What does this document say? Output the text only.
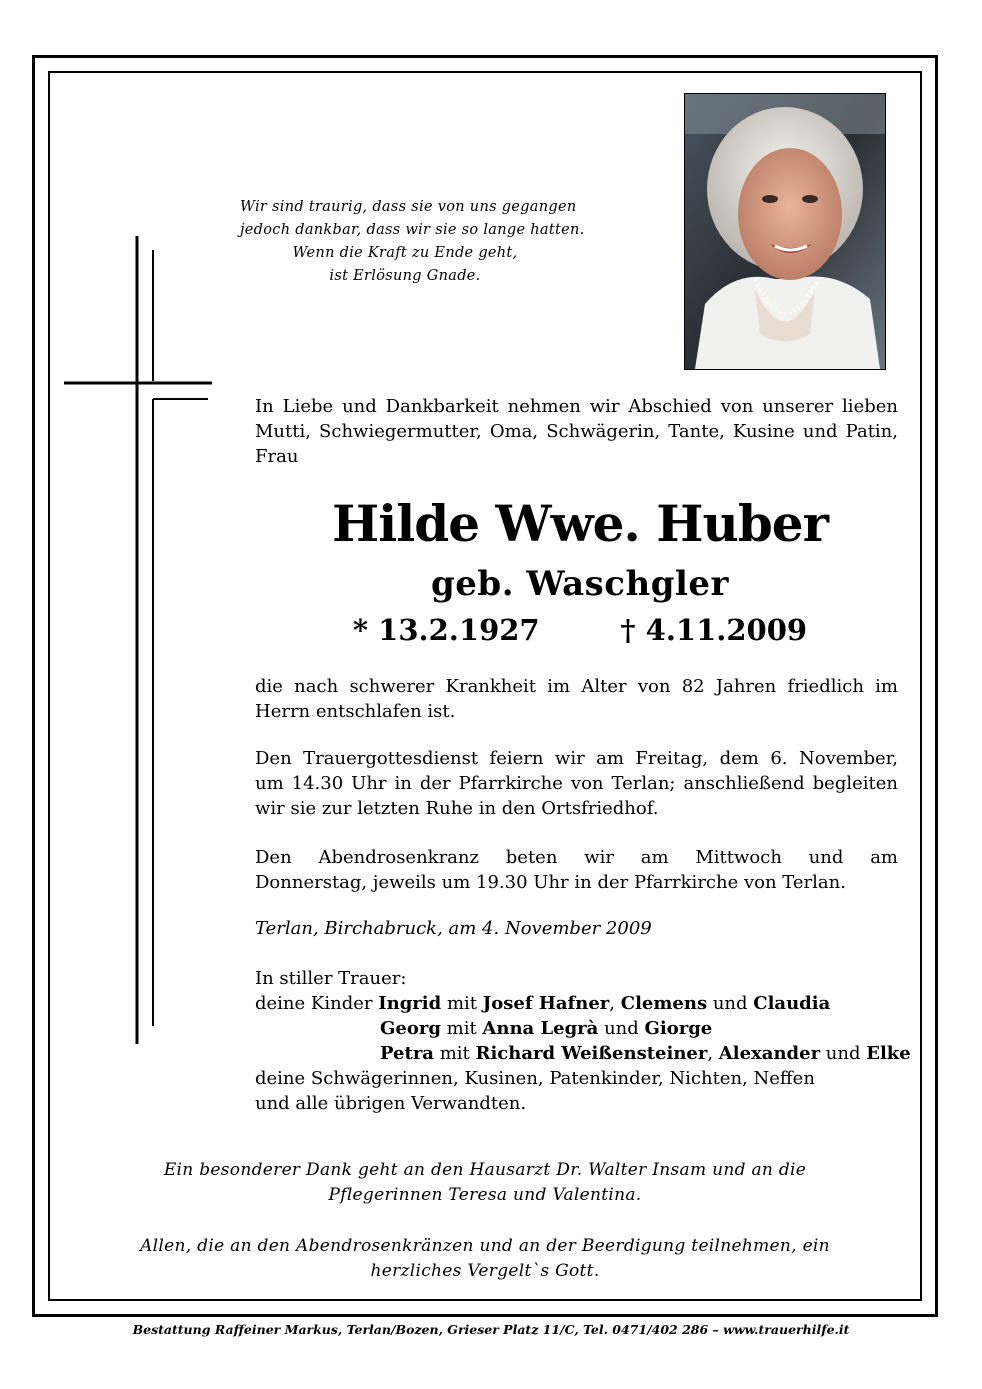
Wir sind traurig, dass sie von uns gegangen
jedoch dankbar, dass wir sie so lange hatten.
Wenn die Kraft zu Ende geht,
ist Erlösung Gnade.
In Liebe und Dankbarkeit nehmen wir Abschied von unserer lieben
Mutti, Schwiegermutter, Oma, Schwägerin, Tante, Kusine und Patin,
Frau
Hilde Wwe. Huber
geb. Waschgler
* 13.2.1927	† 4.11.2009
die nach schwerer Krankheit im Alter von 82 Jahren friedlich im
Herrn entschlafen ist.
Den Trauergottesdienst feiern wir am Freitag, dem 6. November,
um 14.30 Uhr in der Pfarrkirche von Terlan; anschließend begleiten
wir sie zur letzten Ruhe in den Ortsfriedhof.
Den Abendrosenkranz beten wir am Mittwoch und am
Donnerstag, jeweils um 19.30 Uhr in der Pfarrkirche von Terlan.
Terlan, Birchabruck, am 4. November 2009
In stiller Trauer:
deine Kinder Ingrid mit Josef Hafner, Clemens und Claudia
Georg mit Anna Legrà und Giorge
Petra mit Richard Weißensteiner, Alexander und Elke
deine Schwägerinnen, Kusinen, Patenkinder, Nichten, Neffen
und alle übrigen Verwandten.
Ein besonderer Dank geht an den Hausarzt Dr. Walter Insam und an die
Pflegerinnen Teresa und Valentina.
Allen, die an den Abendrosenkränzen und an der Beerdigung teilnehmen, ein
herzliches Vergelt`s Gott.
Bestattung Raffeiner Markus, Terlan/Bozen, Grieser Platz 11/C, Tel. 0471/402 286 – www.trauerhilfe.it
